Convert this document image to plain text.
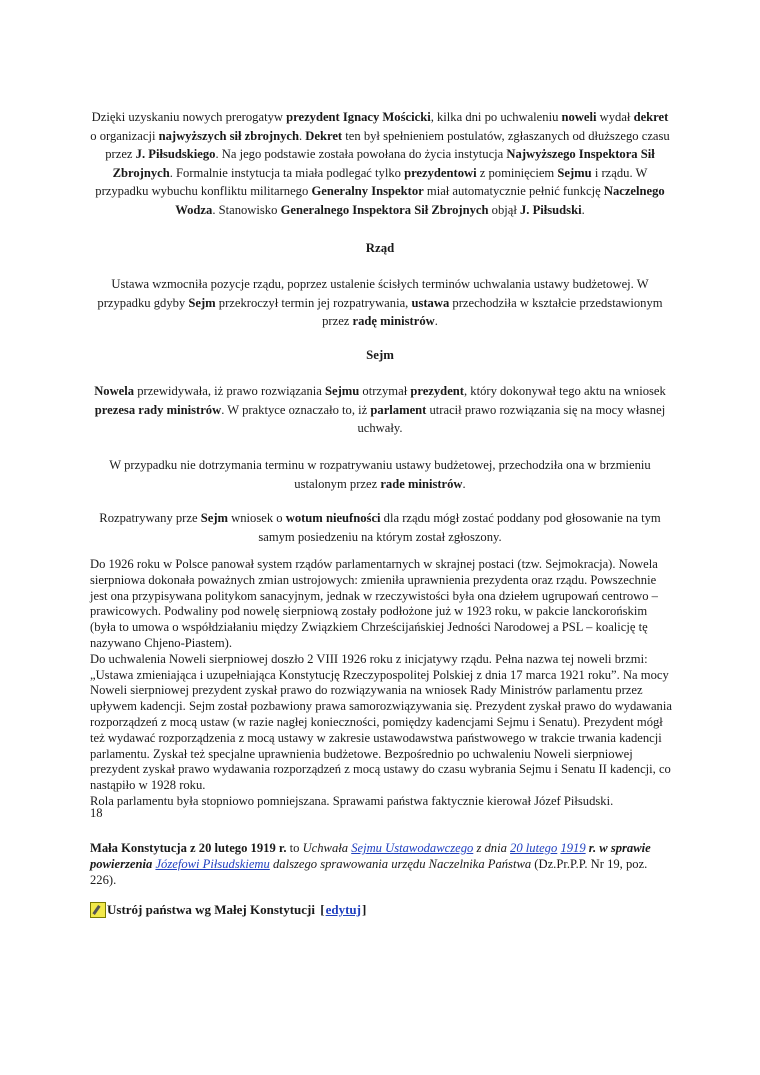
Dzięki uzyskaniu nowych prerogatyw prezydent Ignacy Mościcki, kilka dni po uchwaleniu noweli wydał dekret o organizacji najwyższych sił zbrojnych. Dekret ten był spełnieniem postulatów, zgłaszanych od dłuższego czasu przez J. Piłsudskiego. Na jego podstawie została powołana do życia instytucja Najwyższego Inspektora Sił Zbrojnych. Formalnie instytucja ta miała podlegać tylko prezydentowi z pominięciem Sejmu i rządu. W przypadku wybuchu konfliktu militarnego Generalny Inspektor miał automatycznie pełnić funkcję Naczelnego Wodza. Stanowisko Generalnego Inspektora Sił Zbrojnych objął J. Piłsudski.
Rząd
Ustawa wzmocniła pozycje rządu, poprzez ustalenie ścisłych terminów uchwalania ustawy budżetowej. W przypadku gdyby Sejm przekroczył termin jej rozpatrywania, ustawa przechodziła w kształcie przedstawionym przez radę ministrów.
Sejm
Nowela przewidywała, iż prawo rozwiązania Sejmu otrzymał prezydent, który dokonywał tego aktu na wniosek prezesa rady ministrów. W praktyce oznaczało to, iż parlament utracił prawo rozwiązania się na mocy własnej uchwały.
W przypadku nie dotrzymania terminu w rozpatrywaniu ustawy budżetowej, przechodziła ona w brzmieniu ustalonym przez rade ministrów.
Rozpatrywany prze Sejm wniosek o wotum nieufności dla rządu mógł zostać poddany pod głosowanie na tym samym posiedzeniu na którym został zgłoszony.

Do 1926 roku w Polsce panował system rządów parlamentarnych w skrajnej postaci (tzw. Sejmokracja). Nowela sierpniowa dokonała poważnych zmian ustrojowych: zmieniła uprawnienia prezydenta oraz rządu. Powszechnie jest ona przypisywana politykom sanacyjnym, jednak w rzeczywistości była ona dziełem ugrupowań centrowo – prawicowych. Podwaliny pod nowelę sierpniową zostały podłożone już w 1923 roku, w pakcie lanckorońskim (była to umowa o współdziałaniu między Związkiem Chrześcijańskiej Jedności Narodowej a PSL – koalicję tę nazywano Chjeno-Piastem).

Do uchwalenia Noweli sierpniowej doszło 2 VIII 1926 roku z inicjatywy rządu. Pełna nazwa tej noweli brzmi: „Ustawa zmieniająca i uzupełniająca Konstytucję Rzeczypospolitej Polskiej z dnia 17 marca 1921 roku”. Na mocy Noweli sierpniowej prezydent zyskał prawo do rozwiązywania na wniosek Rady Ministrów parlamentu przez upływem kadencji. Sejm został pozbawiony prawa samorozwiązywania się. Prezydent zyskał prawo do wydawania rozporządzeń z mocą ustaw (w razie nagłej konieczności, pomiędzy kadencjami Sejmu i Senatu). Prezydent mógł też wydawać rozporządzenia z mocą ustawy w zakresie ustawodawstwa państwowego w trakcie trwania kadencji parlamentu. Zyskał też specjalne uprawnienia budżetowe. Bezpośrednio po uchwaleniu Noweli sierpniowej prezydent zyskał prawo wydawania rozporządzeń z mocą ustawy do czasu wybrania Sejmu i Senatu II kadencji, co nastąpiło w 1928 roku.

Rola parlamentu była stopniowo pomniejszana. Sprawami państwa faktycznie kierował Józef Piłsudski.

18
Mała Konstytucja z 20 lutego 1919 r. to Uchwała Sejmu Ustawodawczego z dnia 20 lutego 1919 r. w sprawie powierzenia Józefowi Piłsudskiemu dalszego sprawowania urzędu Naczelnika Państwa (Dz.Pr.P.P. Nr 19, poz. 226).
Ustrój państwa wg Małej Konstytucji
[ edytuj ]
